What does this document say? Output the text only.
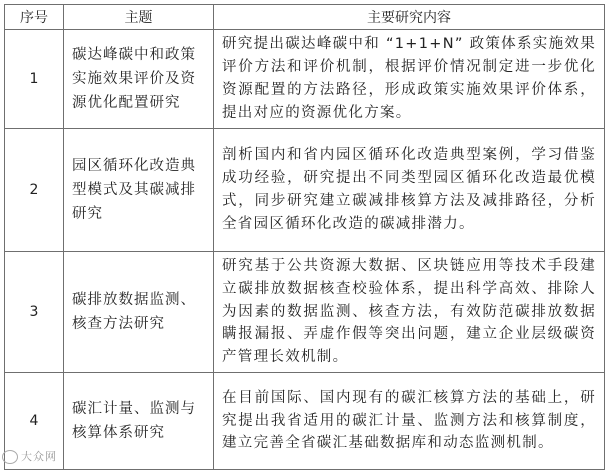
序号	主题	主要研究内容
1	碳达峰碳中和政策实施效果评价及资源优化配置研究	研究提出碳达峰碳中和 “1+1+N” 政策体系实施效果评价方法和评价机制，根据评价情况制定进一步优化资源配置的方法路径，形成政策实施效果评价体系，提出对应的资源优化方案。
2	园区循环化改造典型模式及其碳减排研究	剖析国内和省内园区循环化改造典型案例，学习借鉴成功经验，研究提出不同类型园区循环化改造最优模式，同步研究建立碳减排核算方法及减排路径，分析全省园区循环化改造的碳减排潜力。
3	碳排放数据监测、核查方法研究	研究基于公共资源大数据、区块链应用等技术手段建立碳排放数据核查校验体系，提出科学高效、排除人为因素的数据监测、核查方法，有效防范碳排放数据瞒报漏报、弄虚作假等突出问题，建立企业层级碳资产管理长效机制。
4	碳汇计量、监测与核算体系研究	在目前国际、国内现有的碳汇核算方法的基础上，研究提出我省适用的碳汇计量、监测方法和核算制度，建立完善全省碳汇基础数据库和动态监测机制。
大众网
